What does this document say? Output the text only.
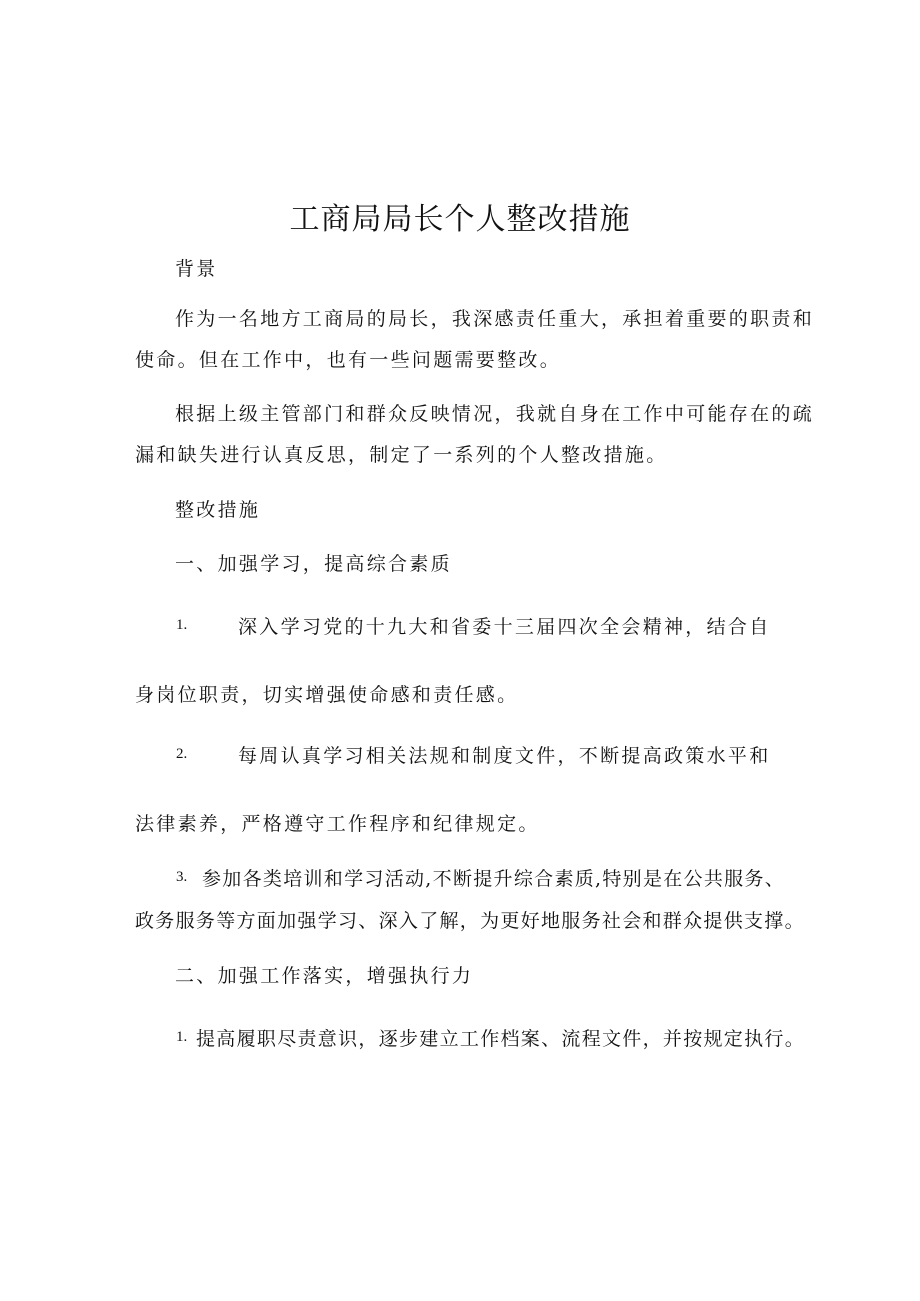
工商局局长个人整改措施
背景
作为一名地方工商局的局长，我深感责任重大，承担着重要的职责和
使命。但在工作中，也有一些问题需要整改。
根据上级主管部门和群众反映情况，我就自身在工作中可能存在的疏
漏和缺失进行认真反思，制定了一系列的个人整改措施。
整改措施
一、加强学习，提高综合素质
1.	深入学习党的十九大和省委十三届四次全会精神，结合自
身岗位职责，切实增强使命感和责任感。
2.	每周认真学习相关法规和制度文件，不断提高政策水平和
法律素养，严格遵守工作程序和纪律规定。
3. 参加各类培训和学习活动,不断提升综合素质,特别是在公共服务、
政务服务等方面加强学习、深入了解，为更好地服务社会和群众提供支撑。
二、加强工作落实，增强执行力
1. 提高履职尽责意识，逐步建立工作档案、流程文件，并按规定执行。
